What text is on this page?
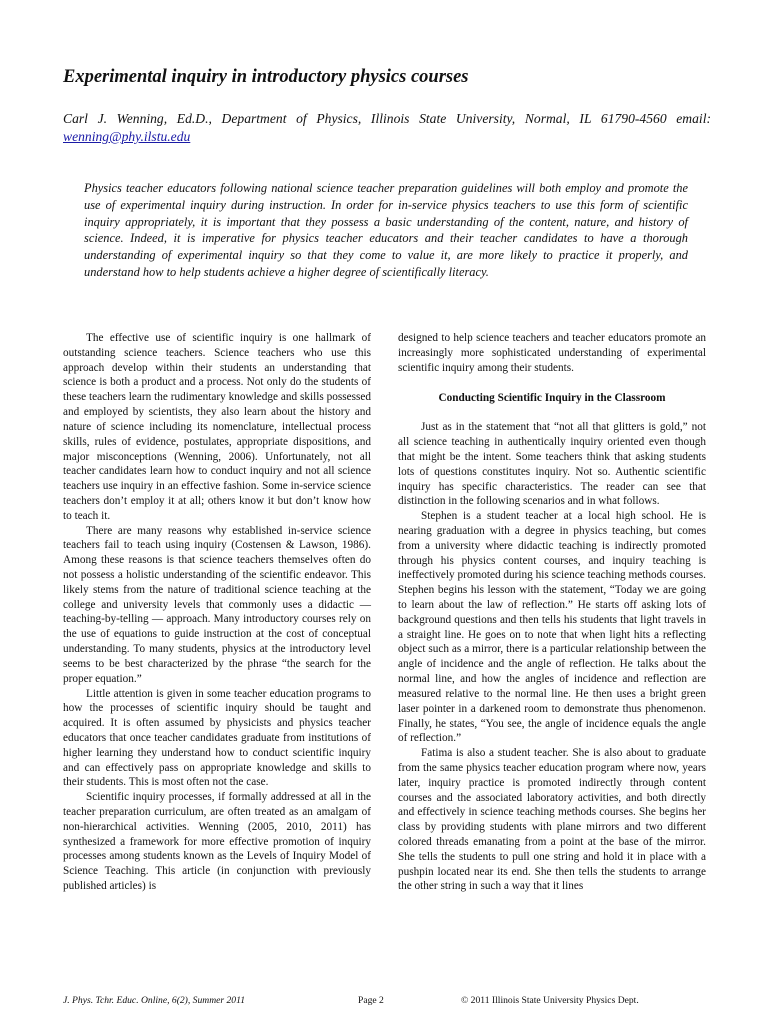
Experimental inquiry in introductory physics courses
Carl J. Wenning, Ed.D., Department of Physics, Illinois State University, Normal, IL 61790-4560 email:
wenning@phy.ilstu.edu

Physics teacher educators following national science teacher preparation guidelines will both employ and promote the use of experimental inquiry during instruction. In order for in-service physics teachers to use this form of scientific inquiry appropriately, it is important that they possess a basic understanding of the content, nature, and history of science. Indeed, it is imperative for physics teacher educators and their teacher candidates to have a thorough understanding of experimental inquiry so that they come to value it, are more likely to practice it properly, and understand how to help students achieve a higher degree of scientifically literacy.

The effective use of scientific inquiry is one hallmark of outstanding science teachers. Science teachers who use this approach develop within their students an understanding that science is both a product and a process. Not only do the students of these teachers learn the rudimentary knowledge and skills possessed and employed by scientists, they also learn about the history and nature of science including its nomenclature, intellectual process skills, rules of evidence, postulates, appropriate dispositions, and major misconceptions (Wenning, 2006). Unfortunately, not all teacher candidates learn how to conduct inquiry and not all science teachers use inquiry in an effective fashion. Some in-service science teachers don’t employ it at all; others know it but don’t know how to teach it.

There are many reasons why established in-service science teachers fail to teach using inquiry (Costensen & Lawson, 1986). Among these reasons is that science teachers themselves often do not possess a holistic understanding of the scientific endeavor. This likely stems from the nature of traditional science teaching at the college and university levels that commonly uses a didactic — teaching-by-telling — approach. Many introductory courses rely on the use of equations to guide instruction at the cost of conceptual understanding. To many students, physics at the introductory level seems to be best characterized by the phrase “the search for the proper equation.”

Little attention is given in some teacher education programs to how the processes of scientific inquiry should be taught and acquired. It is often assumed by physicists and physics teacher educators that once teacher candidates graduate from institutions of higher learning they understand how to conduct scientific inquiry and can effectively pass on appropriate knowledge and skills to their students. This is most often not the case.

Scientific inquiry processes, if formally addressed at all in the teacher preparation curriculum, are often treated as an amalgam of non-hierarchical activities. Wenning (2005, 2010, 2011) has synthesized a framework for more effective promotion of inquiry processes among students known as the Levels of Inquiry Model of Science Teaching. This article (in conjunction with previously published articles) is

designed to help science teachers and teacher educators promote an increasingly more sophisticated understanding of experimental scientific inquiry among their students.

Conducting Scientific Inquiry in the Classroom

Just as in the statement that “not all that glitters is gold,” not all science teaching in authentically inquiry oriented even though that might be the intent. Some teachers think that asking students lots of questions constitutes inquiry. Not so. Authentic scientific inquiry has specific characteristics. The reader can see that distinction in the following scenarios and in what follows.

Stephen is a student teacher at a local high school. He is nearing graduation with a degree in physics teaching, but comes from a university where didactic teaching is indirectly promoted through his physics content courses, and inquiry teaching is ineffectively promoted during his science teaching methods courses. Stephen begins his lesson with the statement, “Today we are going to learn about the law of reflection.” He starts off asking lots of background questions and then tells his students that light travels in a straight line. He goes on to note that when light hits a reflecting object such as a mirror, there is a particular relationship between the angle of incidence and the angle of reflection. He talks about the normal line, and how the angles of incidence and reflection are measured relative to the normal line. He then uses a bright green laser pointer in a darkened room to demonstrate thus phenomenon. Finally, he states, “You see, the angle of incidence equals the angle of reflection.”

Fatima is also a student teacher. She is also about to graduate from the same physics teacher education program where now, years later, inquiry practice is promoted indirectly through content courses and the associated laboratory activities, and both directly and effectively in science teaching methods courses. She begins her class by providing students with plane mirrors and two different colored threads emanating from a point at the base of the mirror. She tells the students to pull one string and hold it in place with a pushpin located near its end. She then tells the students to arrange the other string in such a way that it lines

J. Phys. Tchr. Educ. Online, 6(2), Summer 2011	Page 2	© 2011 Illinois State University Physics Dept.
